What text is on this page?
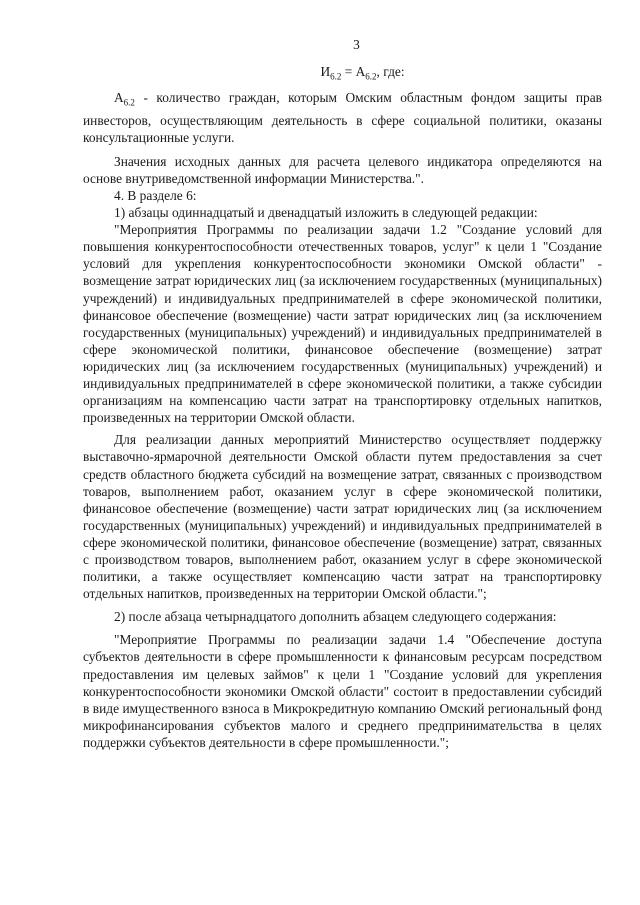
3

$И_{6.2} = А_{6.2}$, где:

$А_{6.2}$ - количество граждан, которым Омским областным фондом защиты прав инвесторов, осуществляющим деятельность в сфере социальной политики, оказаны консультационные услуги.

Значения исходных данных для расчета целевого индикатора определяются на основе внутриведомственной информации Министерства.".

4. В разделе 6:

1) абзацы одиннадцатый и двенадцатый изложить в следующей редакции:

"Мероприятия Программы по реализации задачи 1.2 "Создание условий для повышения конкурентоспособности отечественных товаров, услуг" к цели 1 "Создание условий для укрепления конкурентоспособности экономики Омской области" - возмещение затрат юридических лиц (за исключением государственных (муниципальных) учреждений) и индивидуальных предпринимателей в сфере экономической политики, финансовое обеспечение (возмещение) части затрат юридических лиц (за исключением государственных (муниципальных) учреждений) и индивидуальных предпринимателей в сфере экономической политики, финансовое обеспечение (возмещение) затрат юридических лиц (за исключением государственных (муниципальных) учреждений) и индивидуальных предпринимателей в сфере экономической политики, а также субсидии организациям на компенсацию части затрат на транспортировку отдельных напитков, произведенных на территории Омской области.

Для реализации данных мероприятий Министерство осуществляет поддержку выставочно-ярмарочной деятельности Омской области путем предоставления за счет средств областного бюджета субсидий на возмещение затрат, связанных с производством товаров, выполнением работ, оказанием услуг в сфере экономической политики, финансовое обеспечение (возмещение) части затрат юридических лиц (за исключением государственных (муниципальных) учреждений) и индивидуальных предпринимателей в сфере экономической политики, финансовое обеспечение (возмещение) затрат, связанных с производством товаров, выполнением работ, оказанием услуг в сфере экономической политики, а также осуществляет компенсацию части затрат на транспортировку отдельных напитков, произведенных на территории Омской области.";

2) после абзаца четырнадцатого дополнить абзацем следующего содержания:

"Мероприятие Программы по реализации задачи 1.4 "Обеспечение доступа субъектов деятельности в сфере промышленности к финансовым ресурсам посредством предоставления им целевых займов" к цели 1 "Создание условий для укрепления конкурентоспособности экономики Омской области" состоит в предоставлении субсидий в виде имущественного взноса в Микрокредитную компанию Омский региональный фонд микрофинансирования субъектов малого и среднего предпринимательства в целях поддержки субъектов деятельности в сфере промышленности.";
